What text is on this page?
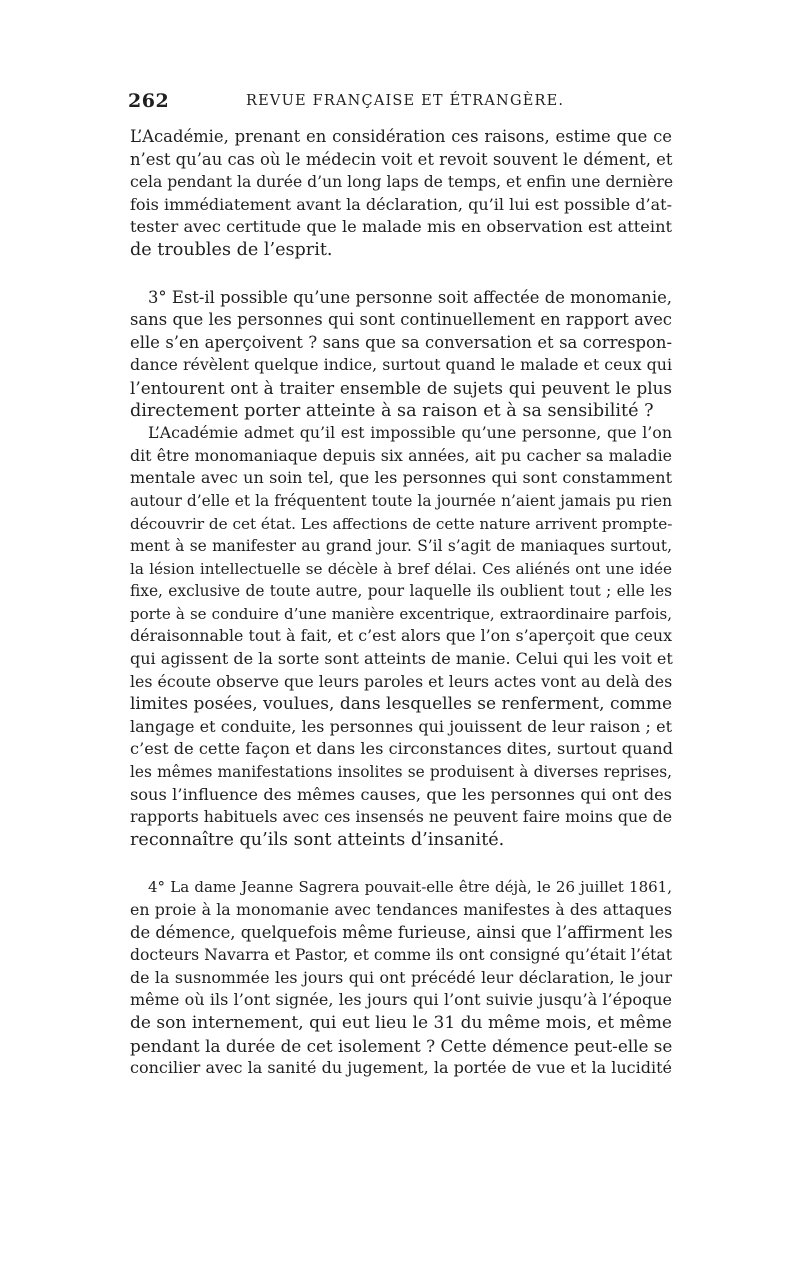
262	REVUE FRANÇAISE ET ÉTRANGÈRE.
L’Académie, prenant en considération ces raisons, estime que ce
n’est qu’au cas où le médecin voit et revoit souvent le dément, et
cela pendant la durée d’un long laps de temps, et enfin une dernière
fois immédiatement avant la déclaration, qu’il lui est possible d’at-
tester avec certitude que le malade mis en observation est atteint
de troubles de l’esprit.
3° Est-il possible qu’une personne soit affectée de monomanie,
sans que les personnes qui sont continuellement en rapport avec
elle s’en aperçoivent ? sans que sa conversation et sa correspon-
dance révèlent quelque indice, surtout quand le malade et ceux qui
l’entourent ont à traiter ensemble de sujets qui peuvent le plus
directement porter atteinte à sa raison et à sa sensibilité ?
L’Académie admet qu’il est impossible qu’une personne, que l’on
dit être monomaniaque depuis six années, ait pu cacher sa maladie
mentale avec un soin tel, que les personnes qui sont constamment
autour d’elle et la fréquentent toute la journée n’aient jamais pu rien
découvrir de cet état. Les affections de cette nature arrivent prompte-
ment à se manifester au grand jour. S’il s’agit de maniaques surtout,
la lésion intellectuelle se décèle à bref délai. Ces aliénés ont une idée
fixe, exclusive de toute autre, pour laquelle ils oublient tout ; elle les
porte à se conduire d’une manière excentrique, extraordinaire parfois,
déraisonnable tout à fait, et c’est alors que l’on s’aperçoit que ceux
qui agissent de la sorte sont atteints de manie. Celui qui les voit et
les écoute observe que leurs paroles et leurs actes vont au delà des
limites posées, voulues, dans lesquelles se renferment, comme
langage et conduite, les personnes qui jouissent de leur raison ; et
c’est de cette façon et dans les circonstances dites, surtout quand
les mêmes manifestations insolites se produisent à diverses reprises,
sous l’influence des mêmes causes, que les personnes qui ont des
rapports habituels avec ces insensés ne peuvent faire moins que de
reconnaître qu’ils sont atteints d’insanité.
4° La dame Jeanne Sagrera pouvait-elle être déjà, le 26 juillet 1861,
en proie à la monomanie avec tendances manifestes à des attaques
de démence, quelquefois même furieuse, ainsi que l’affirment les
docteurs Navarra et Pastor, et comme ils ont consigné qu’était l’état
de la susnommée les jours qui ont précédé leur déclaration, le jour
même où ils l’ont signée, les jours qui l’ont suivie jusqu’à l’époque
de son internement, qui eut lieu le 31 du même mois, et même
pendant la durée de cet isolement ? Cette démence peut-elle se
concilier avec la sanité du jugement, la portée de vue et la lucidité
